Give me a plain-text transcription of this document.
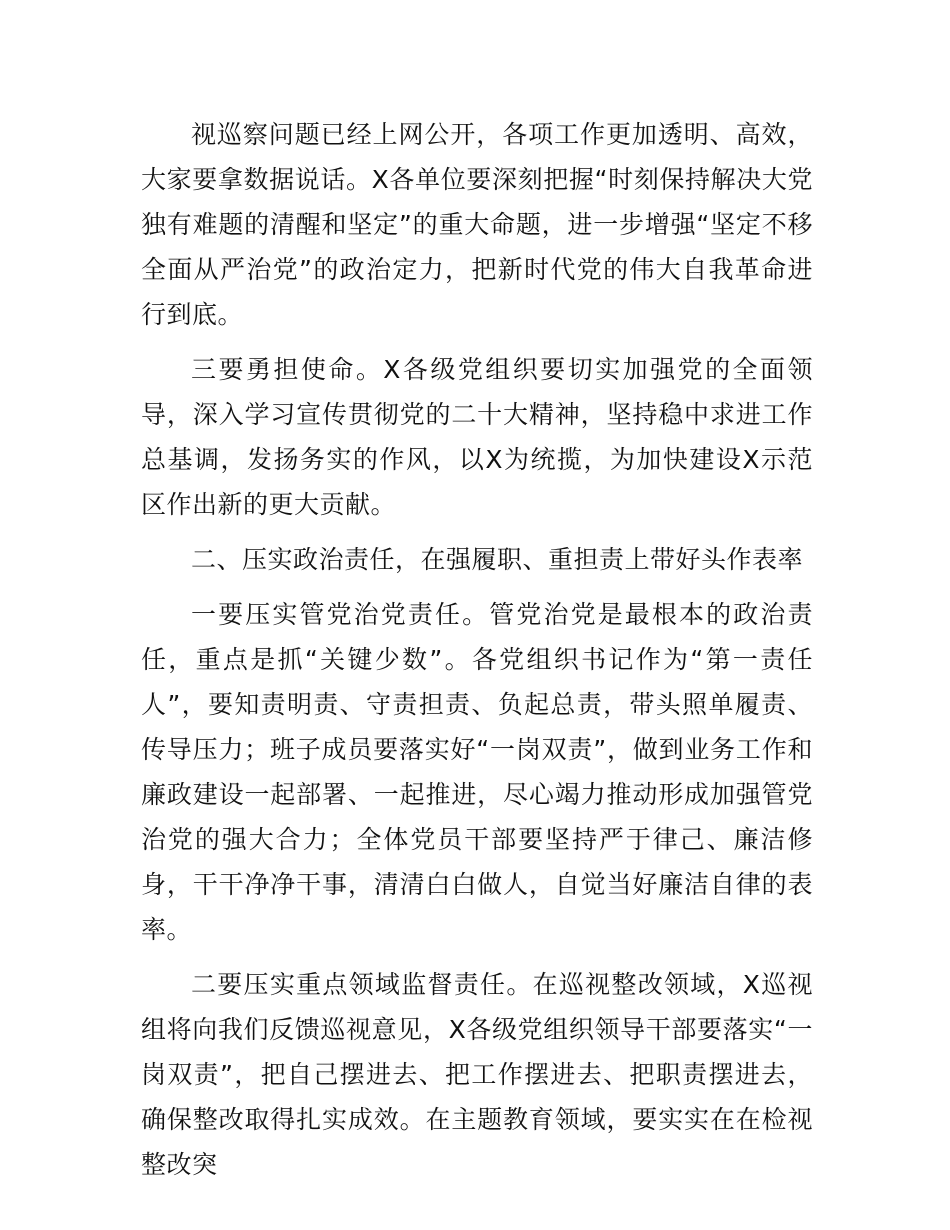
视巡察问题已经上网公开，各项工作更加透明、高效，大家要拿数据说话。X各单位要深刻把握“时刻保持解决大党独有难题的清醒和坚定”的重大命题，进一步增强“坚定不移全面从严治党”的政治定力，把新时代党的伟大自我革命进行到底。

三要勇担使命。X各级党组织要切实加强党的全面领导，深入学习宣传贯彻党的二十大精神，坚持稳中求进工作总基调，发扬务实的作风，以X为统揽，为加快建设X示范区作出新的更大贡献。

二、压实政治责任，在强履职、重担责上带好头作表率

一要压实管党治党责任。管党治党是最根本的政治责任，重点是抓“关键少数”。各党组织书记作为“第一责任人”，要知责明责、守责担责、负起总责，带头照单履责、传导压力；班子成员要落实好“一岗双责”，做到业务工作和廉政建设一起部署、一起推进，尽心竭力推动形成加强管党治党的强大合力；全体党员干部要坚持严于律己、廉洁修身，干干净净干事，清清白白做人，自觉当好廉洁自律的表率。

二要压实重点领域监督责任。在巡视整改领域，X巡视组将向我们反馈巡视意见，X各级党组织领导干部要落实“一岗双责”，把自己摆进去、把工作摆进去、把职责摆进去，确保整改取得扎实成效。在主题教育领域，要实实在在检视整改突
